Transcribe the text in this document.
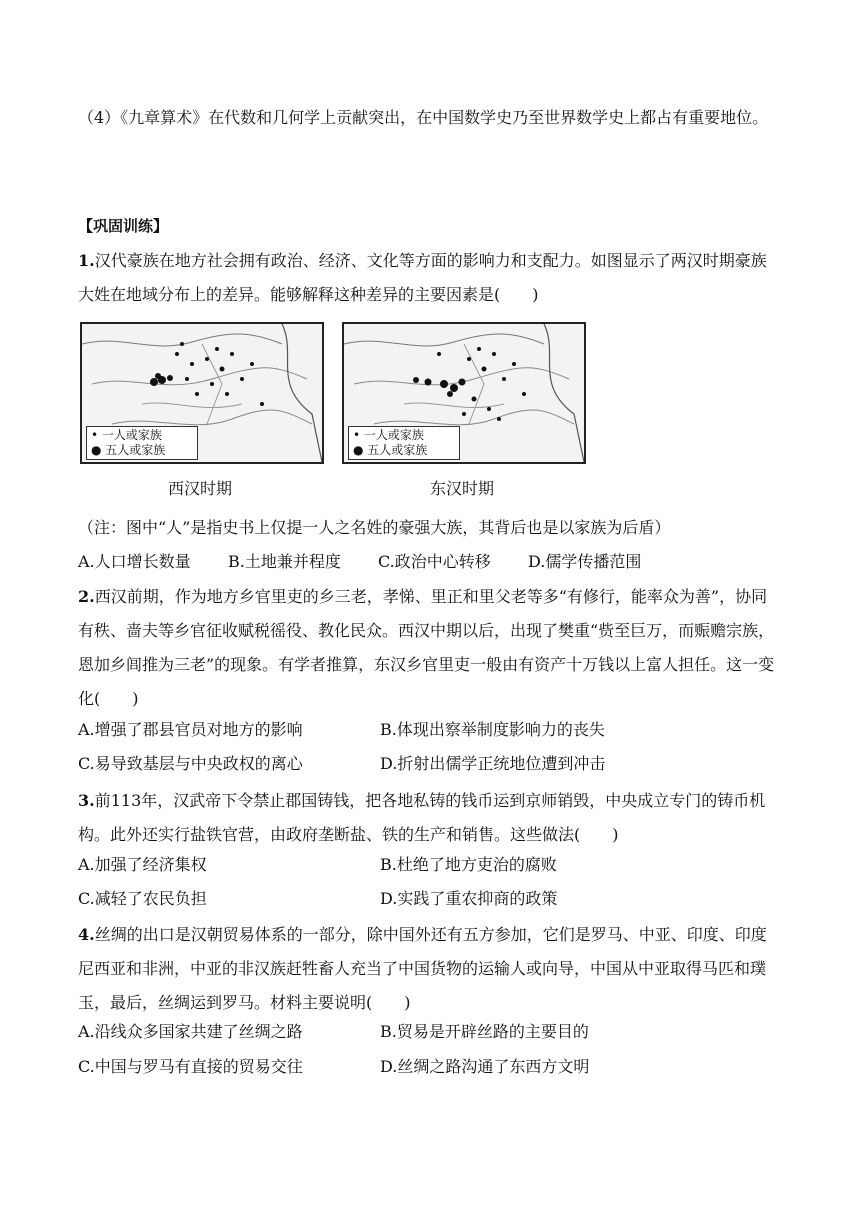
（4）《九章算术》在代数和几何学上贡献突出，在中国数学史乃至世界数学史上都占有重要地位。

【巩固训练】

1.汉代豪族在地方社会拥有政治、经济、文化等方面的影响力和支配力。如图显示了两汉时期豪族大姓在地域分布上的差异。能够解释这种差异的主要因素是(　　)

• 一人或家族
● 五人或家族
西汉时期
• 一人或家族
● 五人或家族
东汉时期
（注：图中“人”是指史书上仅提一人之名姓的豪强大族，其背后也是以家族为后盾）
A.人口增长数量 B.土地兼并程度 C.政治中心转移 D.儒学传播范围

2.西汉前期，作为地方乡官里吏的乡三老，孝悌、里正和里父老等多“有修行，能率众为善”，协同有秩、啬夫等乡官征收赋税徭役、教化民众。西汉中期以后，出现了樊重“赀至巨万，而赈赡宗族，恩加乡闾推为三老”的现象。有学者推算，东汉乡官里吏一般由有资产十万钱以上富人担任。这一变化(　　)

A.增强了郡县官员对地方的影响	B.体现出察举制度影响力的丧失
C.易导致基层与中央政权的离心	D.折射出儒学正统地位遭到冲击

3.前113年，汉武帝下令禁止郡国铸钱，把各地私铸的钱币运到京师销毁，中央成立专门的铸币机构。此外还实行盐铁官营，由政府垄断盐、铁的生产和销售。这些做法(　　)

A.加强了经济集权	B.杜绝了地方吏治的腐败
C.减轻了农民负担	D.实践了重农抑商的政策

4.丝绸的出口是汉朝贸易体系的一部分，除中国外还有五方参加，它们是罗马、中亚、印度、印度尼西亚和非洲，中亚的非汉族赶牲畜人充当了中国货物的运输人或向导，中国从中亚取得马匹和璞玉，最后，丝绸运到罗马。材料主要说明(　　)

A.沿线众多国家共建了丝绸之路	B.贸易是开辟丝路的主要目的
C.中国与罗马有直接的贸易交往	D.丝绸之路沟通了东西方文明
